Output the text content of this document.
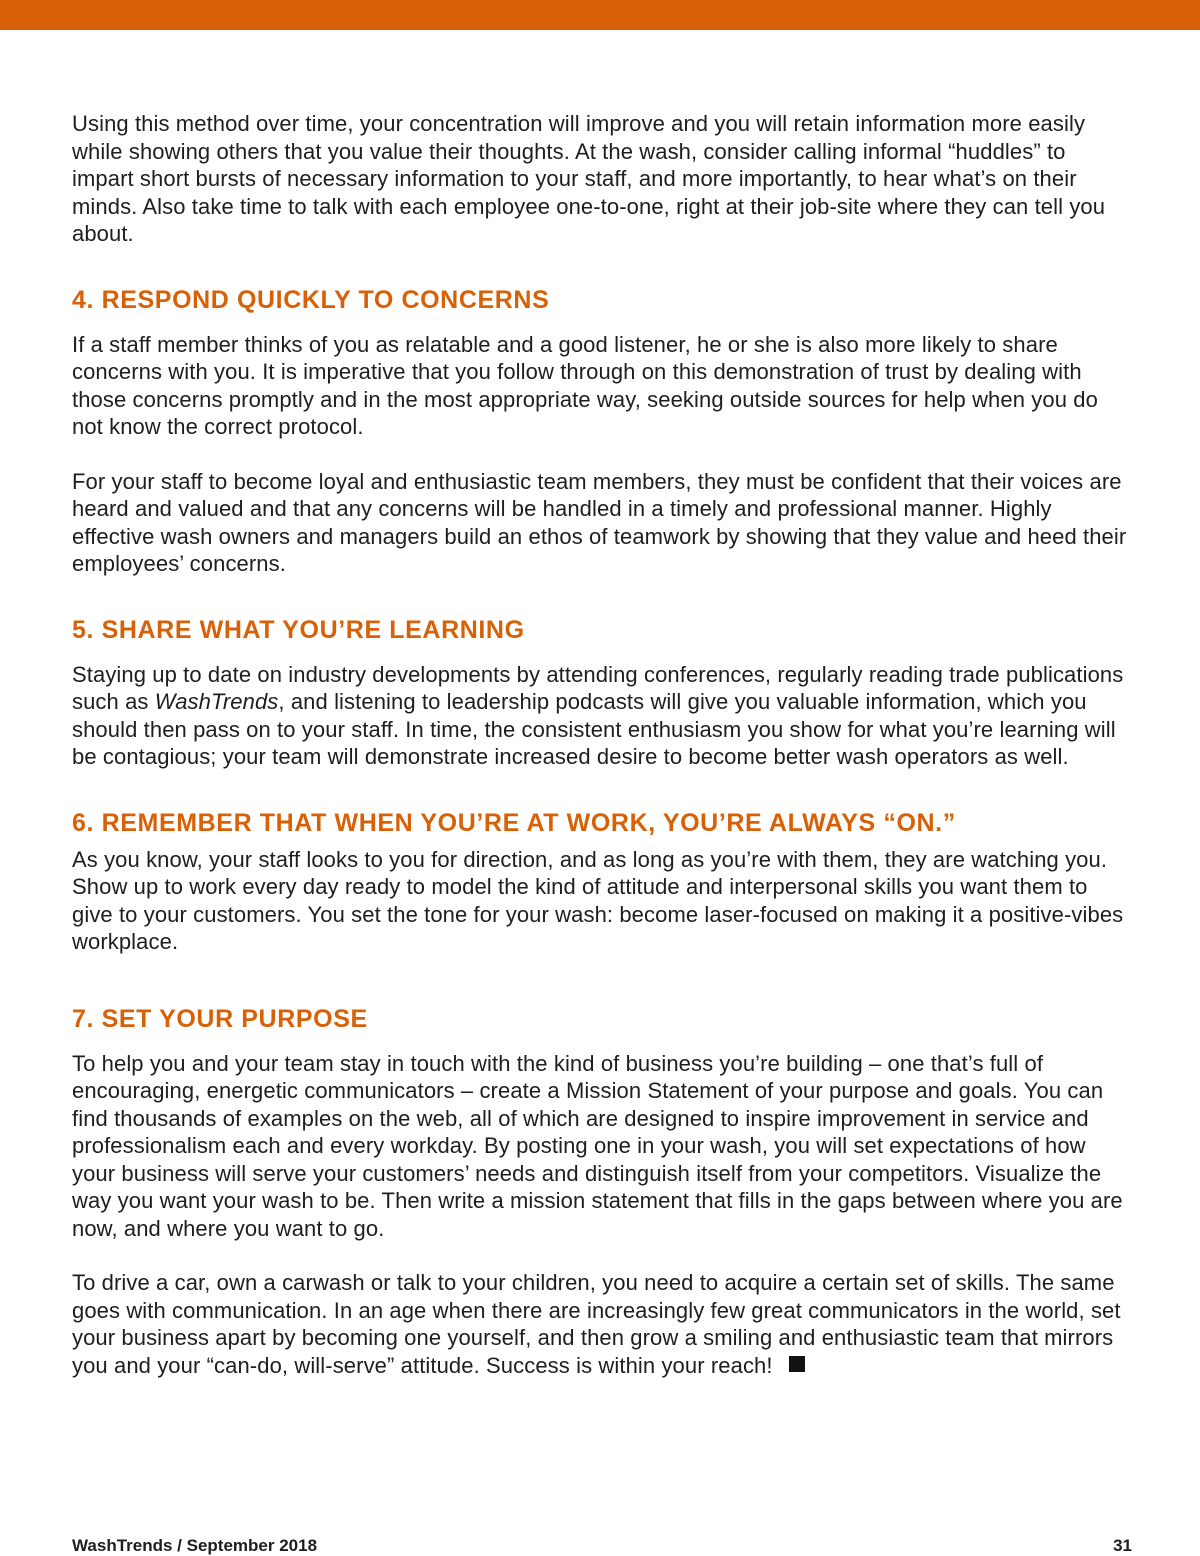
Using this method over time, your concentration will improve and you will retain information more easily while showing others that you value their thoughts. At the wash, consider calling informal “huddles” to impart short bursts of necessary information to your staff, and more importantly, to hear what’s on their minds. Also take time to talk with each employee one-to-one, right at their job-site where they can tell you about.

4. RESPOND QUICKLY TO CONCERNS

If a staff member thinks of you as relatable and a good listener, he or she is also more likely to share concerns with you. It is imperative that you follow through on this demonstration of trust by dealing with those concerns promptly and in the most appropriate way, seeking outside sources for help when you do not know the correct protocol.

For your staff to become loyal and enthusiastic team members, they must be confident that their voices are heard and valued and that any concerns will be handled in a timely and professional manner. Highly effective wash owners and managers build an ethos of teamwork by showing that they value and heed their employees’ concerns.

5. SHARE WHAT YOU’RE LEARNING

Staying up to date on industry developments by attending conferences, regularly reading trade publications such as WashTrends, and listening to leadership podcasts will give you valuable information, which you should then pass on to your staff. In time, the consistent enthusiasm you show for what you’re learning will be contagious; your team will demonstrate increased desire to become better wash operators as well.

6. REMEMBER THAT WHEN YOU’RE AT WORK, YOU’RE ALWAYS “ON.”

As you know, your staff looks to you for direction, and as long as you’re with them, they are watching you. Show up to work every day ready to model the kind of attitude and interpersonal skills you want them to give to your customers. You set the tone for your wash: become laser-focused on making it a positive-vibes workplace.

7. SET YOUR PURPOSE

To help you and your team stay in touch with the kind of business you’re building – one that’s full of encouraging, energetic communicators – create a Mission Statement of your purpose and goals. You can find thousands of examples on the web, all of which are designed to inspire improvement in service and professionalism each and every workday. By posting one in your wash, you will set expectations of how your business will serve your customers’ needs and distinguish itself from your competitors. Visualize the way you want your wash to be. Then write a mission statement that fills in the gaps between where you are now, and where you want to go.

To drive a car, own a carwash or talk to your children, you need to acquire a certain set of skills. The same goes with communication. In an age when there are increasingly few great communicators in the world, set your business apart by becoming one yourself, and then grow a smiling and enthusiastic team that mirrors you and your “can-do, will-serve” attitude. Success is within your reach!

WashTrends / September 2018	31
